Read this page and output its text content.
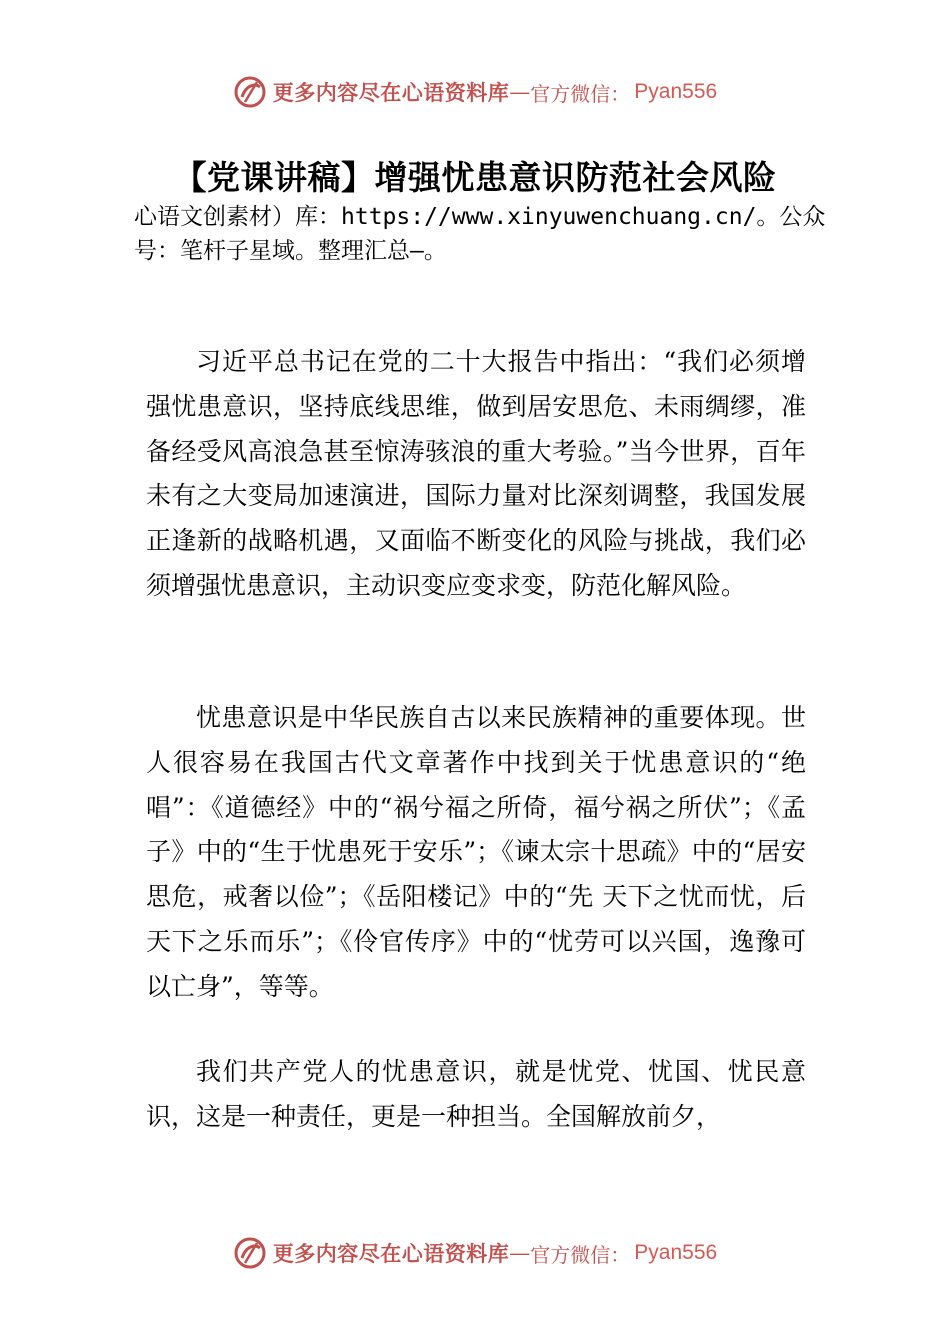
更多内容尽在心语资料库 — 官方微信： Pyan556
【党课讲稿】增强忧患意识防范社会风险
心语文创素材）库：https://www.xinyuwenchuang.cn/。公众号：笔杆子星域。整理汇总—。

习近平总书记在党的二十大报告中指出：“我们必须增强忧患意识，坚持底线思维，做到居安思危、未雨绸缪，准备经受风高浪急甚至惊涛骇浪的重大考验。”当今世界，百年未有之大变局加速演进，国际力量对比深刻调整，我国发展正逢新的战略机遇，又面临不断变化的风险与挑战，我们必须增强忧患意识，主动识变应变求变，防范化解风险。

忧患意识是中华民族自古以来民族精神的重要体现。世人很容易在我国古代文章著作中找到关于忧患意识的“绝唱”：《道德经》中的“祸兮福之所倚，福兮祸之所伏”；《孟子》中的“生于忧患死于安乐”；《谏太宗十思疏》中的“居安思危，戒奢以俭”；《岳阳楼记》中的“先 天下之忧而忧，后天下之乐而乐”；《伶官传序》中的“忧劳可以兴国，逸豫可以亡身”，等等。

我们共产党人的忧患意识，就是忧党、忧国、忧民意识，这是一种责任，更是一种担当。全国解放前夕，

更多内容尽在心语资料库 — 官方微信： Pyan556
